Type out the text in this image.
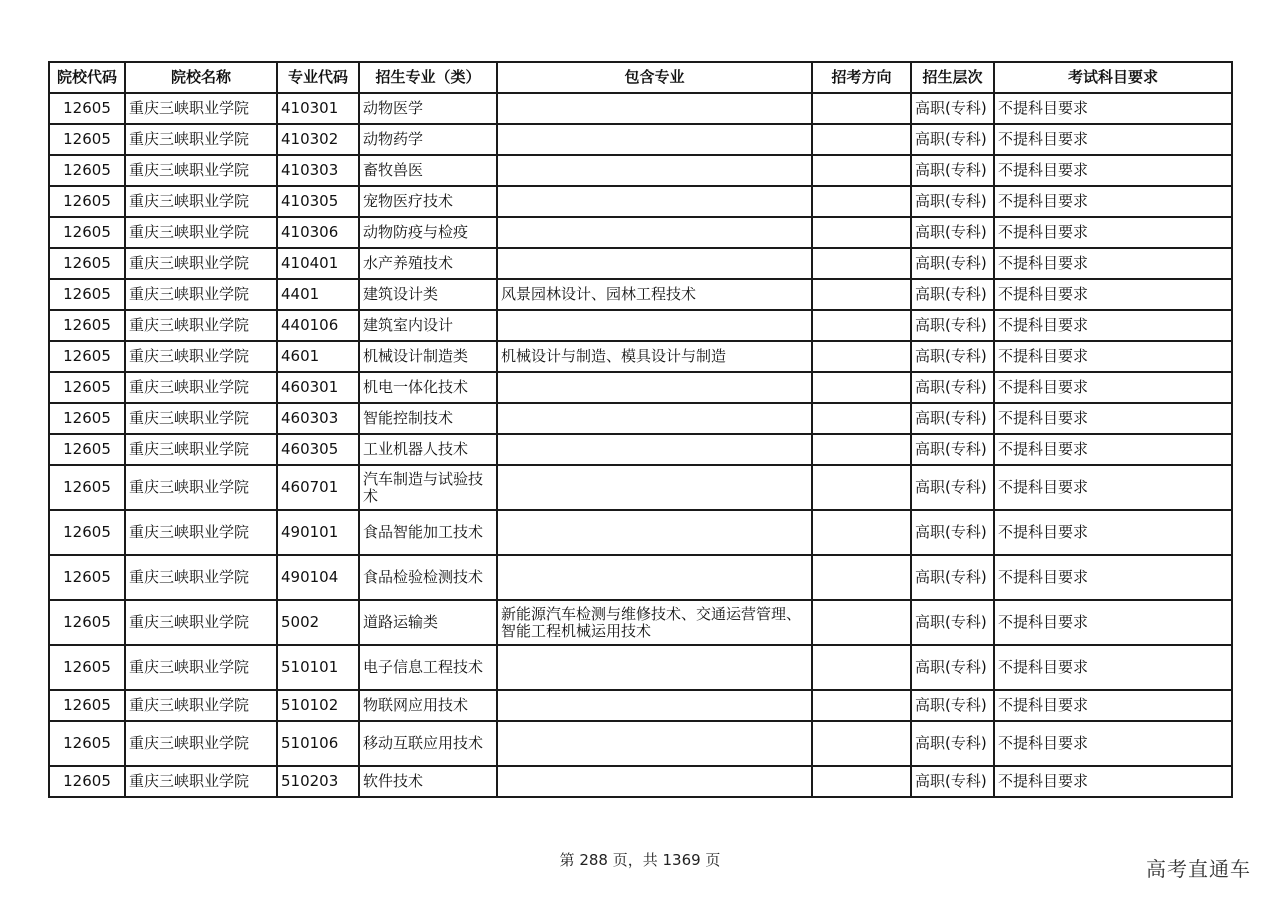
院校代码	院校名称	专业代码	招生专业（类）	包含专业	招考方向	招生层次	考试科目要求
12605	重庆三峡职业学院	410301	动物医学			高职(专科)	不提科目要求
12605	重庆三峡职业学院	410302	动物药学			高职(专科)	不提科目要求
12605	重庆三峡职业学院	410303	畜牧兽医			高职(专科)	不提科目要求
12605	重庆三峡职业学院	410305	宠物医疗技术			高职(专科)	不提科目要求
12605	重庆三峡职业学院	410306	动物防疫与检疫			高职(专科)	不提科目要求
12605	重庆三峡职业学院	410401	水产养殖技术			高职(专科)	不提科目要求
12605	重庆三峡职业学院	4401	建筑设计类	风景园林设计、园林工程技术		高职(专科)	不提科目要求
12605	重庆三峡职业学院	440106	建筑室内设计			高职(专科)	不提科目要求
12605	重庆三峡职业学院	4601	机械设计制造类	机械设计与制造、模具设计与制造		高职(专科)	不提科目要求
12605	重庆三峡职业学院	460301	机电一体化技术			高职(专科)	不提科目要求
12605	重庆三峡职业学院	460303	智能控制技术			高职(专科)	不提科目要求
12605	重庆三峡职业学院	460305	工业机器人技术			高职(专科)	不提科目要求
12605	重庆三峡职业学院	460701	汽车制造与试验技术			高职(专科)	不提科目要求
12605	重庆三峡职业学院	490101	食品智能加工技术			高职(专科)	不提科目要求
12605	重庆三峡职业学院	490104	食品检验检测技术			高职(专科)	不提科目要求
12605	重庆三峡职业学院	5002	道路运输类	新能源汽车检测与维修技术、交通运营管理、智能工程机械运用技术		高职(专科)	不提科目要求
12605	重庆三峡职业学院	510101	电子信息工程技术			高职(专科)	不提科目要求
12605	重庆三峡职业学院	510102	物联网应用技术			高职(专科)	不提科目要求
12605	重庆三峡职业学院	510106	移动互联应用技术			高职(专科)	不提科目要求
12605	重庆三峡职业学院	510203	软件技术			高职(专科)	不提科目要求
第 288 页，共 1369 页	高考直通车
